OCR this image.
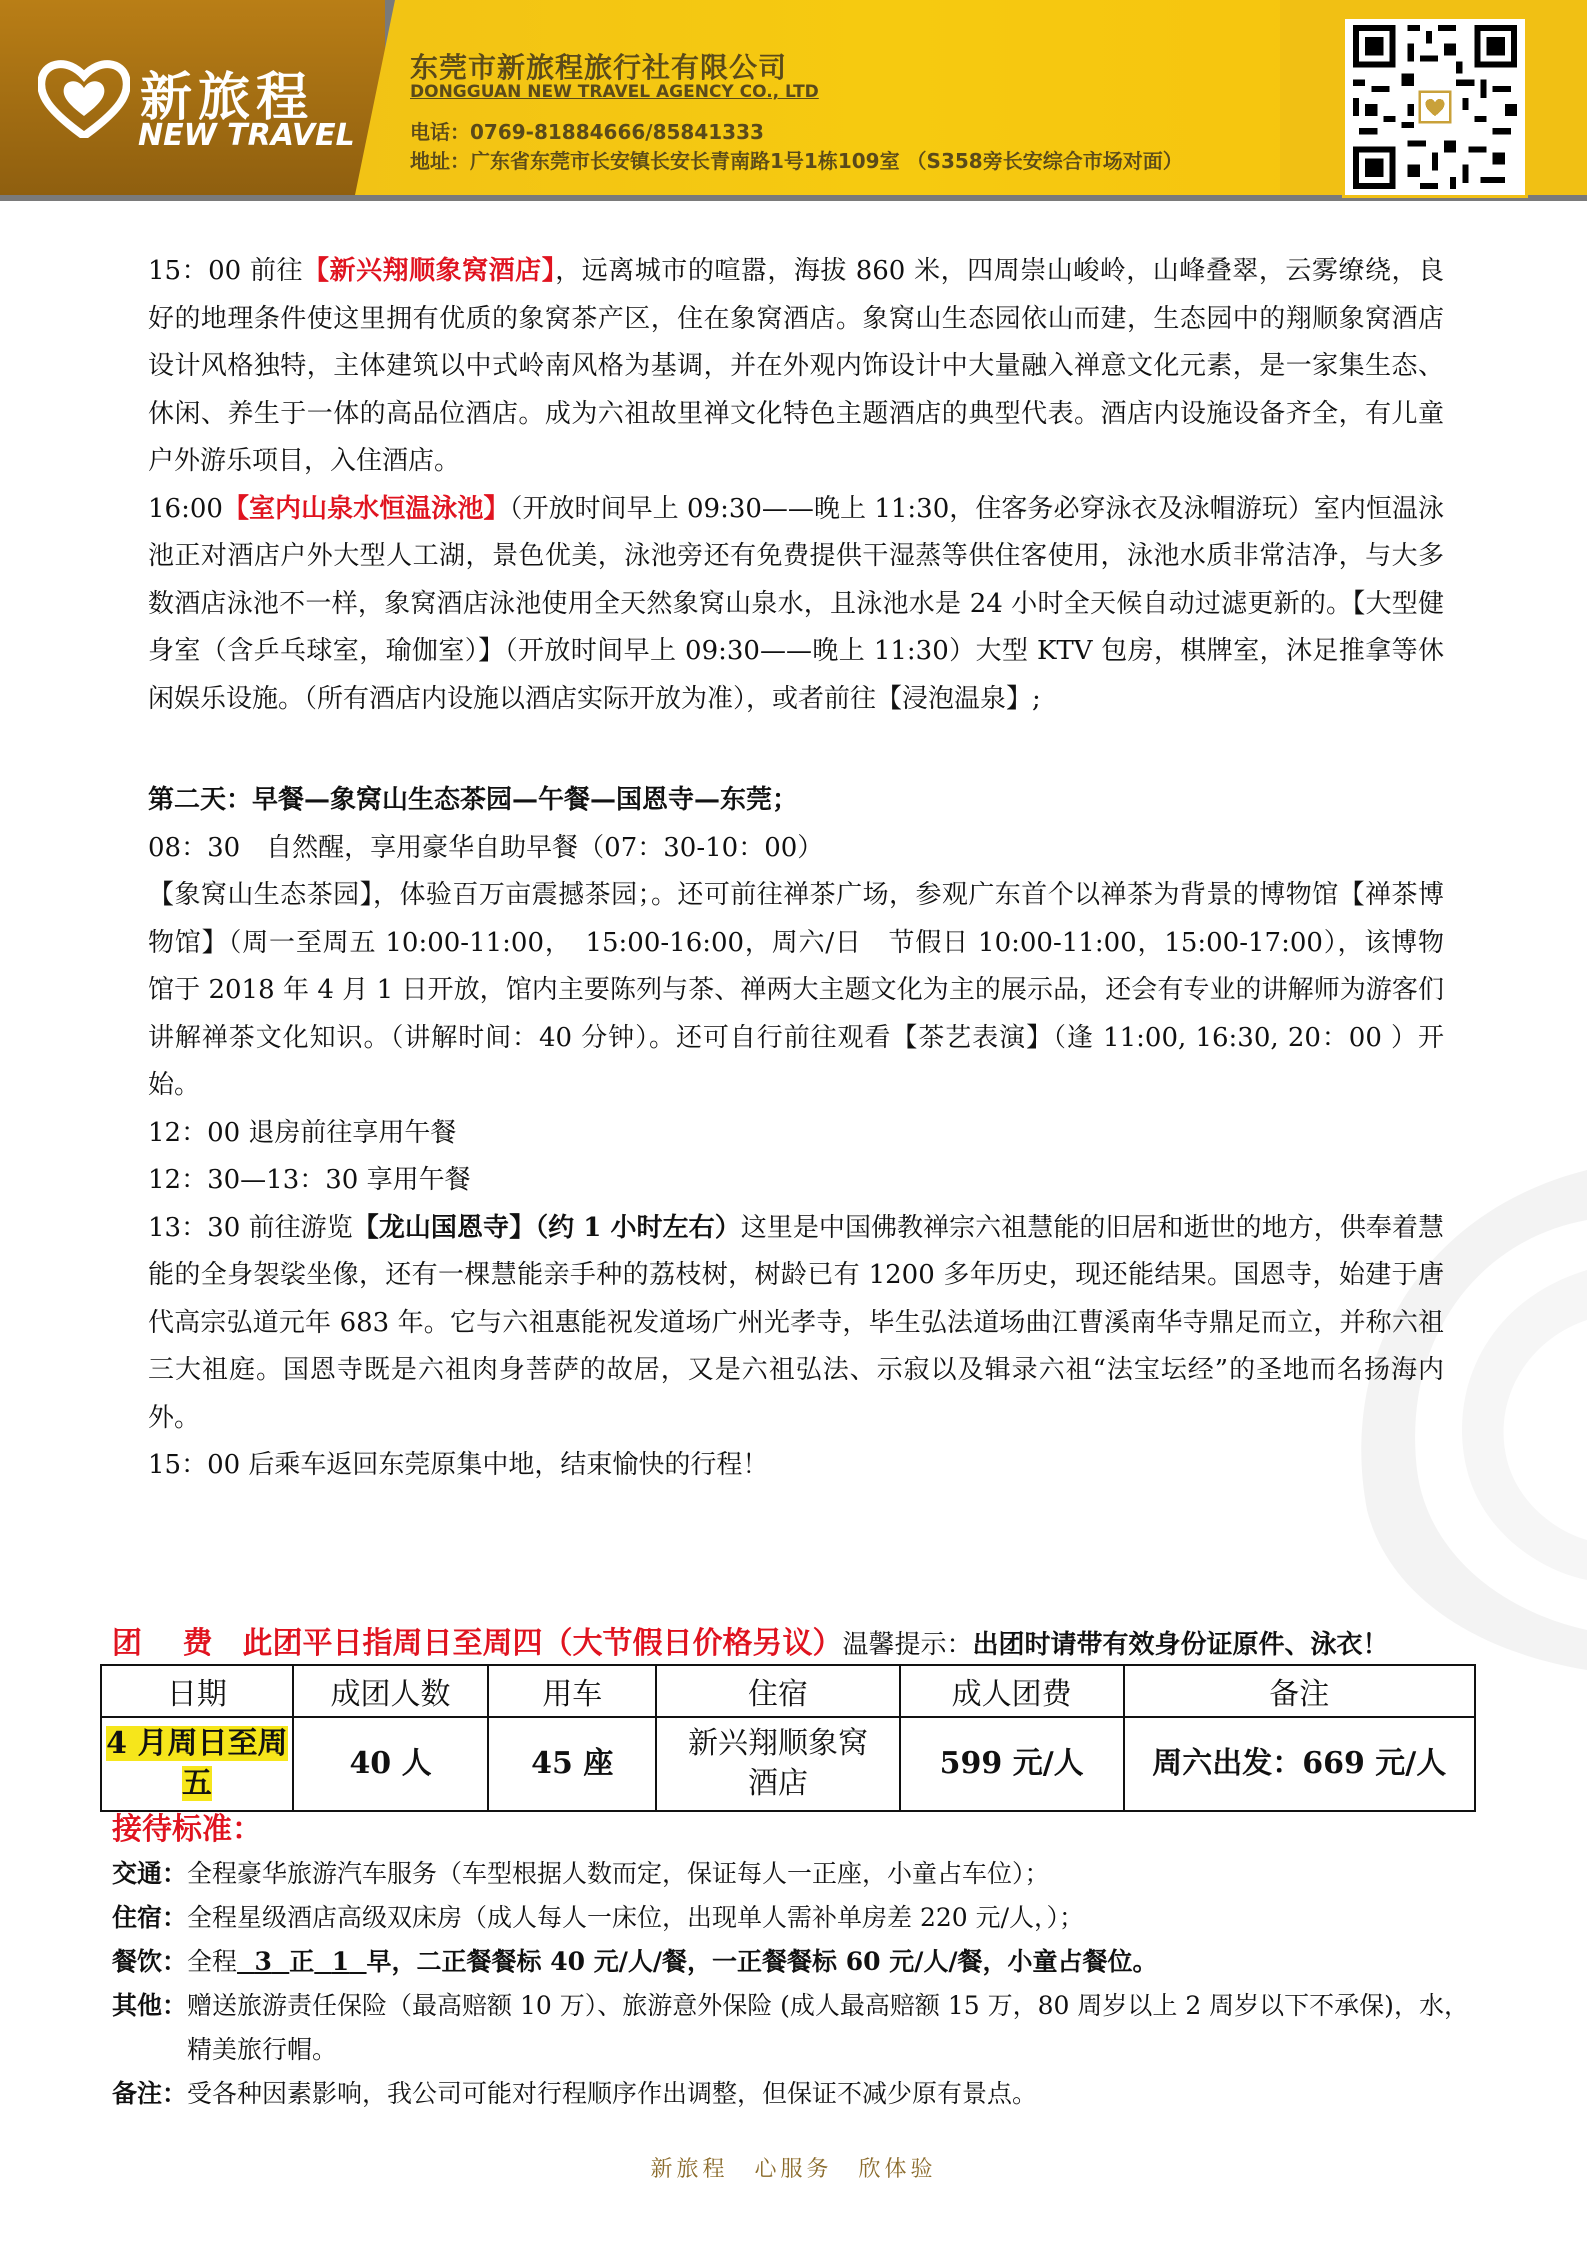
新旅程
NEW TRAVEL
东莞市新旅程旅行社有限公司
DONGGUAN NEW TRAVEL AGENCY CO., LTD
电话：0769-81884666/85841333
地址：广东省东莞市长安镇长安长青南路1号1栋109室 （S358旁长安综合市场对面）

15：00 前往【新兴翔顺象窝酒店】，远离城市的喧嚣，海拔 860 米，四周崇山峻岭，山峰叠翠，云雾缭绕，良好的地理条件使这里拥有优质的象窝茶产区，住在象窝酒店。象窝山生态园依山而建，生态园中的翔顺象窝酒店设计风格独特，主体建筑以中式岭南风格为基调，并在外观内饰设计中大量融入禅意文化元素，是一家集生态、休闲、养生于一体的高品位酒店。成为六祖故里禅文化特色主题酒店的典型代表。酒店内设施设备齐全，有儿童户外游乐项目，入住酒店。

16:00【室内山泉水恒温泳池】（开放时间早上 09:30——晚上 11:30，住客务必穿泳衣及泳帽游玩）室内恒温泳池正对酒店户外大型人工湖，景色优美，泳池旁还有免费提供干湿蒸等供住客使用，泳池水质非常洁净，与大多数酒店泳池不一样，象窝酒店泳池使用全天然象窝山泉水，且泳池水是 24 小时全天候自动过滤更新的。【大型健身室（含乒乓球室，瑜伽室）】（开放时间早上 09:30——晚上 11:30）大型 KTV 包房，棋牌室，沐足推拿等休闲娱乐设施。（所有酒店内设施以酒店实际开放为准），或者前往【浸泡温泉】;

第二天：早餐—象窝山生态茶园—午餐—国恩寺—东莞；

08：30　自然醒，享用豪华自助早餐（07：30-10：00）

【象窝山生态茶园】，体验百万亩震撼茶园；。还可前往禅茶广场，参观广东首个以禅茶为背景的博物馆【禅茶博物馆】（周一至周五 10:00-11:00，　15:00-16:00，周六/日　节假日 10:00-11:00，15:00-17:00），该博物馆于 2018 年 4 月 1 日开放，馆内主要陈列与茶、禅两大主题文化为主的展示品，还会有专业的讲解师为游客们讲解禅茶文化知识。（讲解时间：40 分钟）。还可自行前往观看【茶艺表演】（逢 11:00, 16:30, 20：00 ）开始。

12：00 退房前往享用午餐

12：30—13：30 享用午餐

13：30 前往游览【龙山国恩寺】（约 1 小时左右）这里是中国佛教禅宗六祖慧能的旧居和逝世的地方，供奉着慧能的全身袈裟坐像，还有一棵慧能亲手种的荔枝树，树龄已有 1200 多年历史，现还能结果。国恩寺，始建于唐代高宗弘道元年 683 年。它与六祖惠能祝发道场广州光孝寺，毕生弘法道场曲江曹溪南华寺鼎足而立，并称六祖三大祖庭。国恩寺既是六祖肉身菩萨的故居，又是六祖弘法、示寂以及辑录六祖“法宝坛经”的圣地而名扬海内外。

15：00 后乘车返回东莞原集中地，结束愉快的行程！

团　 费　此团平日指周日至周四（大节假日价格另议）温馨提示：出团时请带有效身份证原件、泳衣！
日期	成团人数	用车	住宿	成人团费	备注
4 月周日至周五	40 人	45 座	新兴翔顺象窝酒店	599 元/人	周六出发：669 元/人
接待标准：
交通： 全程豪华旅游汽车服务（车型根据人数而定，保证每人一正座，小童占车位）；
住宿： 全程星级酒店高级双床房（成人每人一床位，出现单人需补单房差 220 元/人，）；
餐饮： 全程 3 正 1 早，二正餐餐标 40 元/人/餐，一正餐餐标 60 元/人/餐，小童占餐位。
其他： 赠送旅游责任保险（最高赔额 10 万）、旅游意外保险 (成人最高赔额 15 万，80 周岁以上 2 周岁以下不承保)，水，精美旅行帽。
备注： 受各种因素影响，我公司可能对行程顺序作出调整，但保证不减少原有景点。
新旅程　心服务　欣体验
